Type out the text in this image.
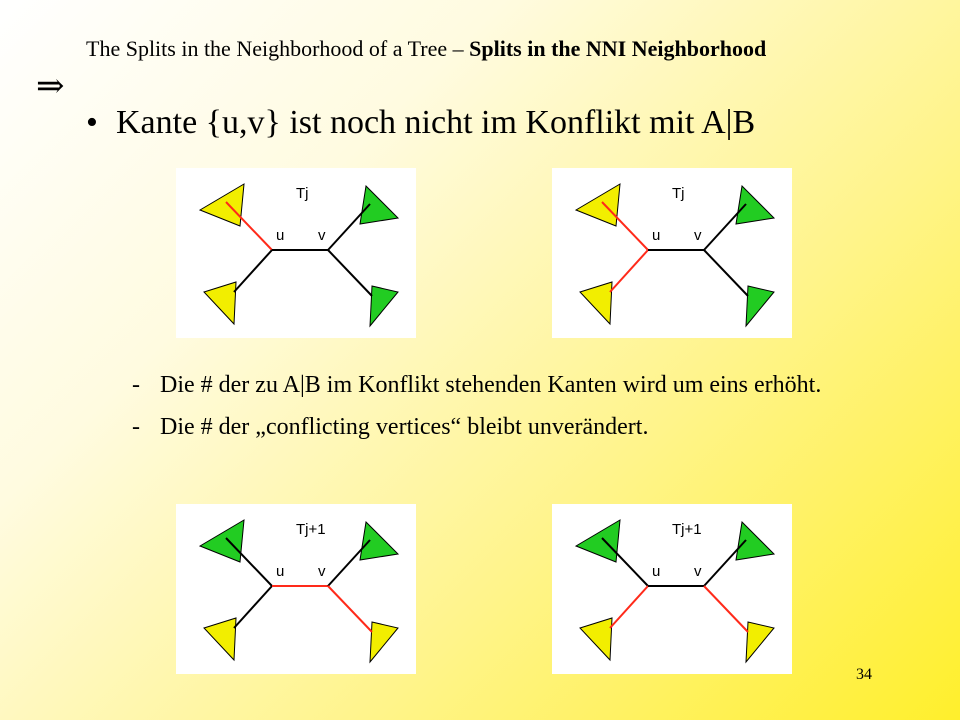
The Splits in the Neighborhood of a Tree – Splits in the NNI Neighborhood
⇒
• Kante {u,v} ist noch nicht im Konflikt mit A|B
Tj
u v
Tj
u v
- Die # der zu A|B im Konflikt stehenden Kanten wird um eins erhöht.
- Die # der „conflicting vertices“ bleibt unverändert.
Tj+1
u v
Tj+1
u v
34
